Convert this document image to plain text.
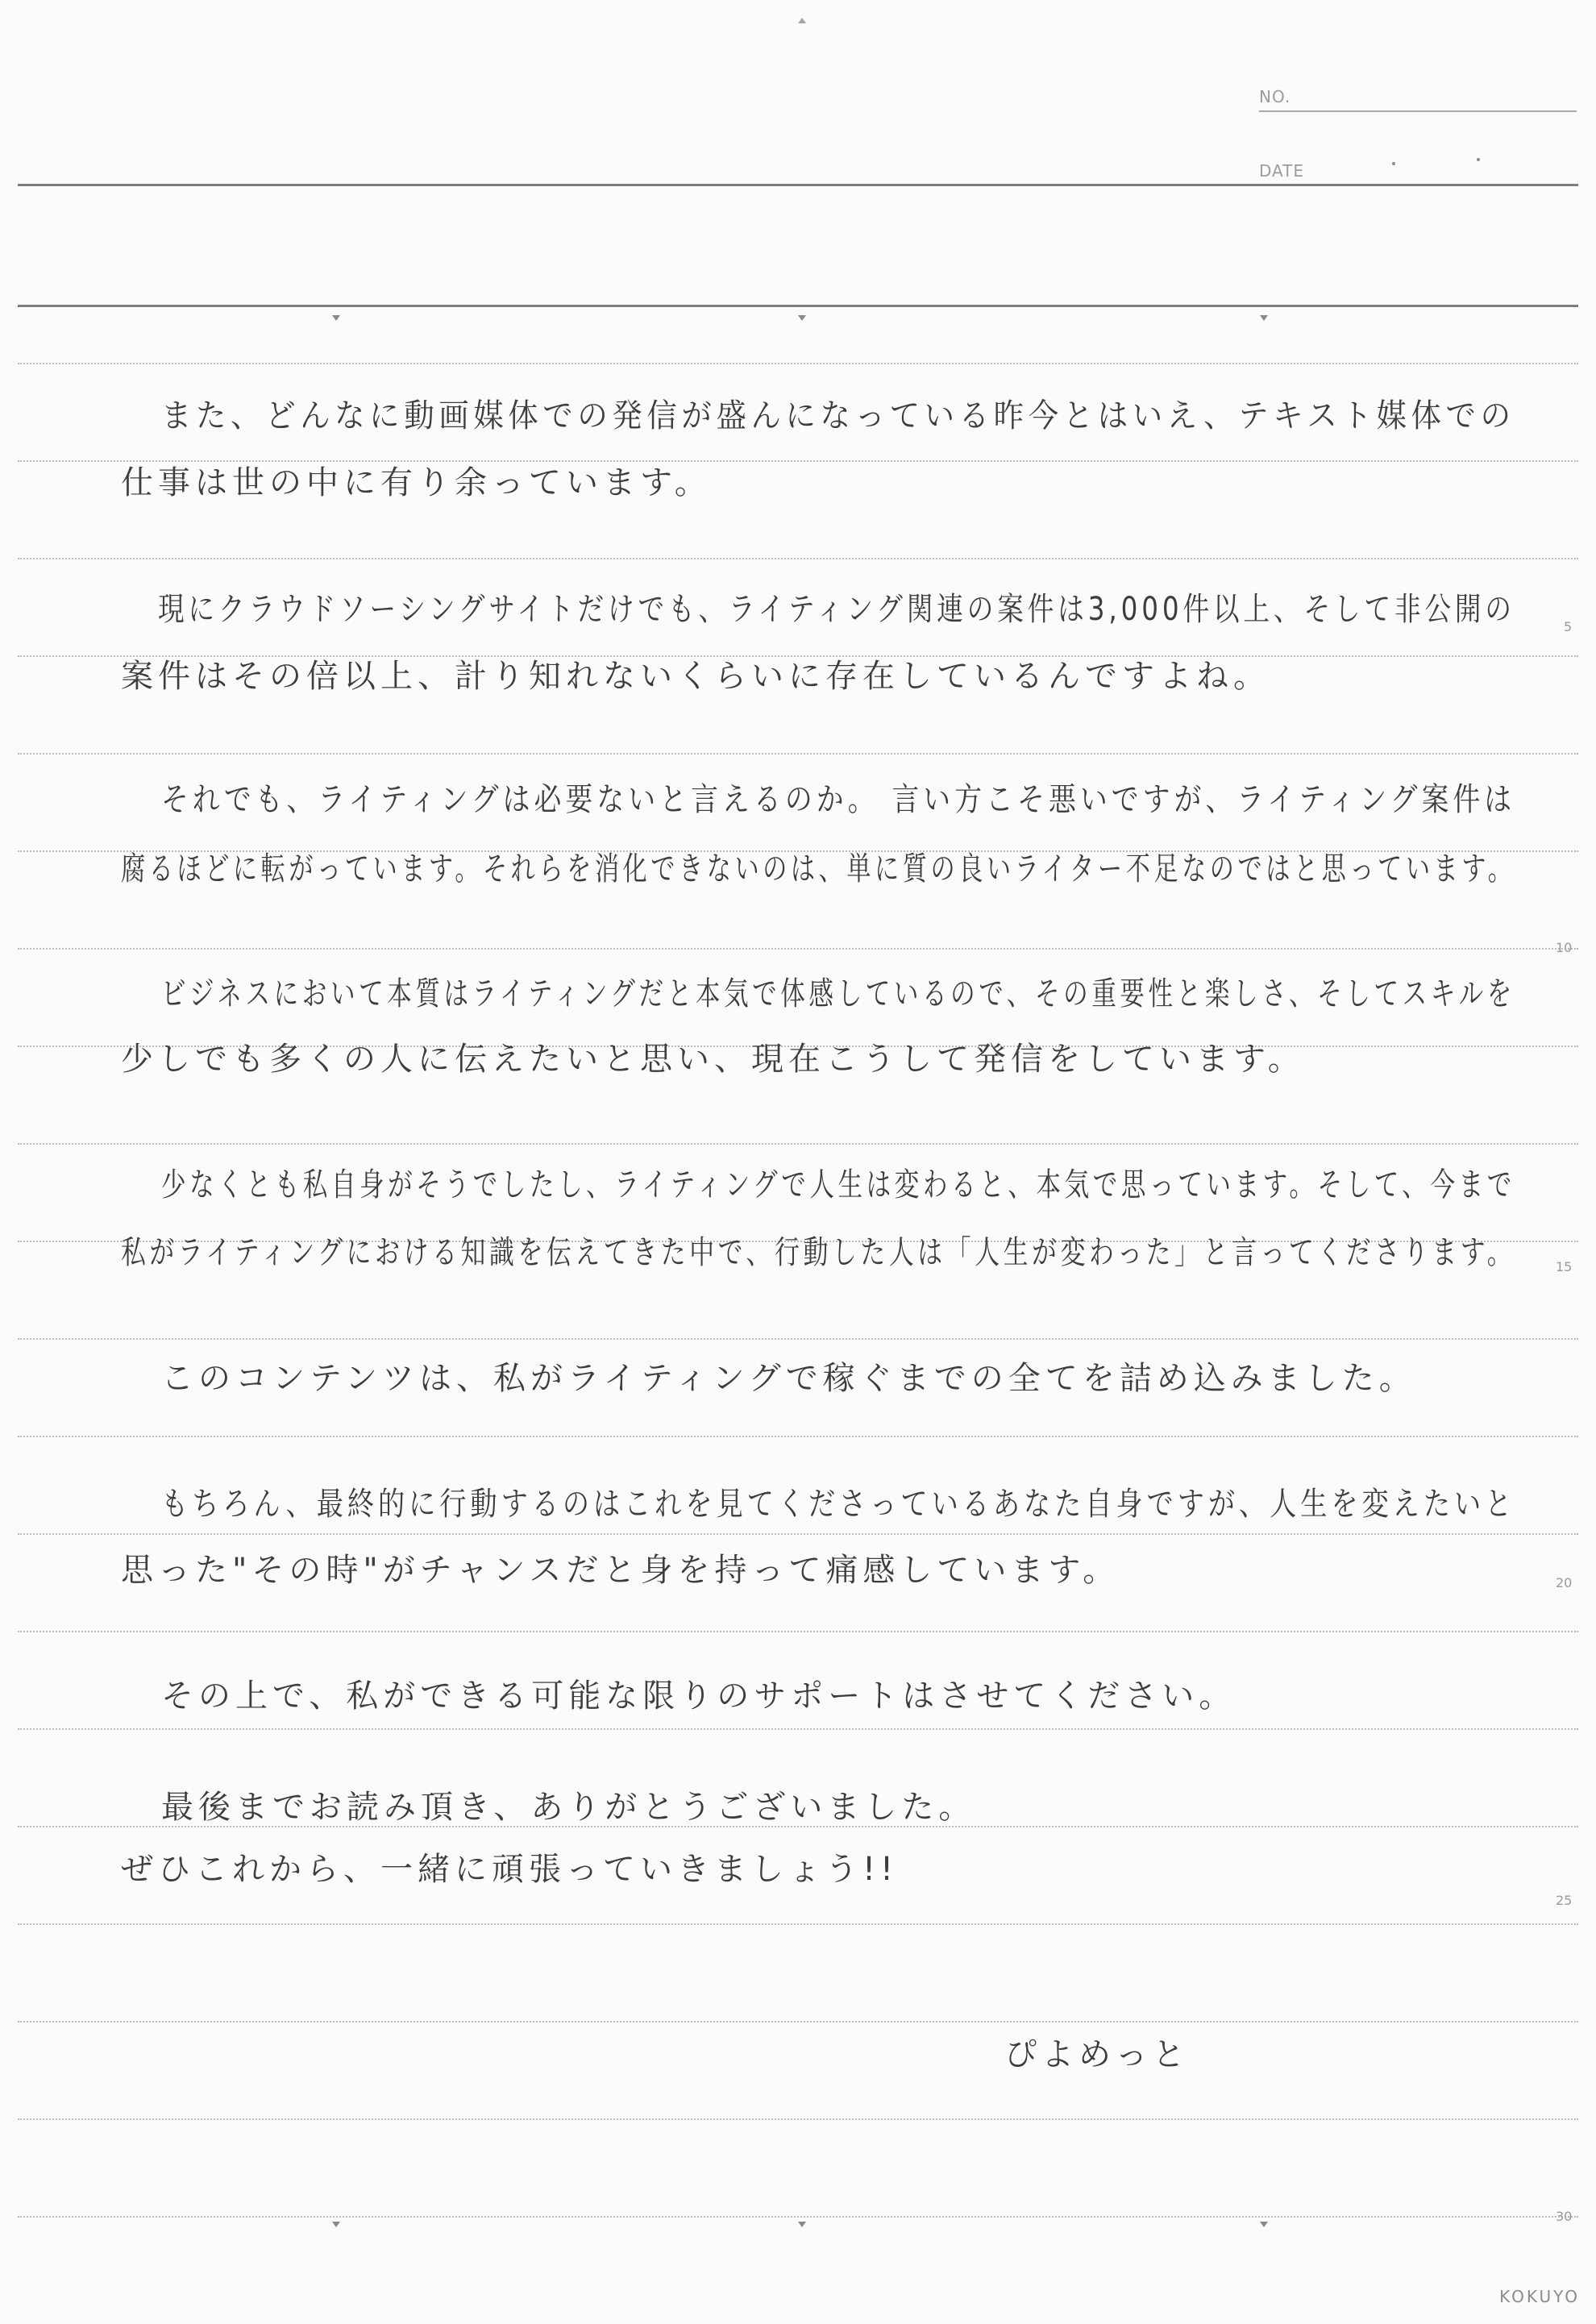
NO.
DATE
5
10
15
20
25
30
また、どんなに動画媒体での発信が盛んになっている昨今とはいえ、テキスト媒体での
仕事は世の中に有り余っています。
現にクラウドソーシングサイトだけでも、ライティング関連の案件は3,000件以上、そして非公開の
案件はその倍以上、計り知れないくらいに存在しているんですよね。
それでも、ライティングは必要ないと言えるのか。 言い方こそ悪いですが、ライティング案件は
腐るほどに転がっています。それらを消化できないのは、単に質の良いライター不足なのではと思っています。
ビジネスにおいて本質はライティングだと本気で体感しているので、その重要性と楽しさ、そしてスキルを
少しでも多くの人に伝えたいと思い、現在こうして発信をしています。
少なくとも私自身がそうでしたし、ライティングで人生は変わると、本気で思っています。そして、今まで
私がライティングにおける知識を伝えてきた中で、行動した人は「人生が変わった」と言ってくださります。
このコンテンツは、私がライティングで稼ぐまでの全てを詰め込みました。
もちろん、最終的に行動するのはこれを見てくださっているあなた自身ですが、人生を変えたいと
思った"その時"がチャンスだと身を持って痛感しています。
その上で、私ができる可能な限りのサポートはさせてください。
最後までお読み頂き、ありがとうございました。
ぜひこれから、一緒に頑張っていきましょう!!
ぴよめっと
KOKUYO
